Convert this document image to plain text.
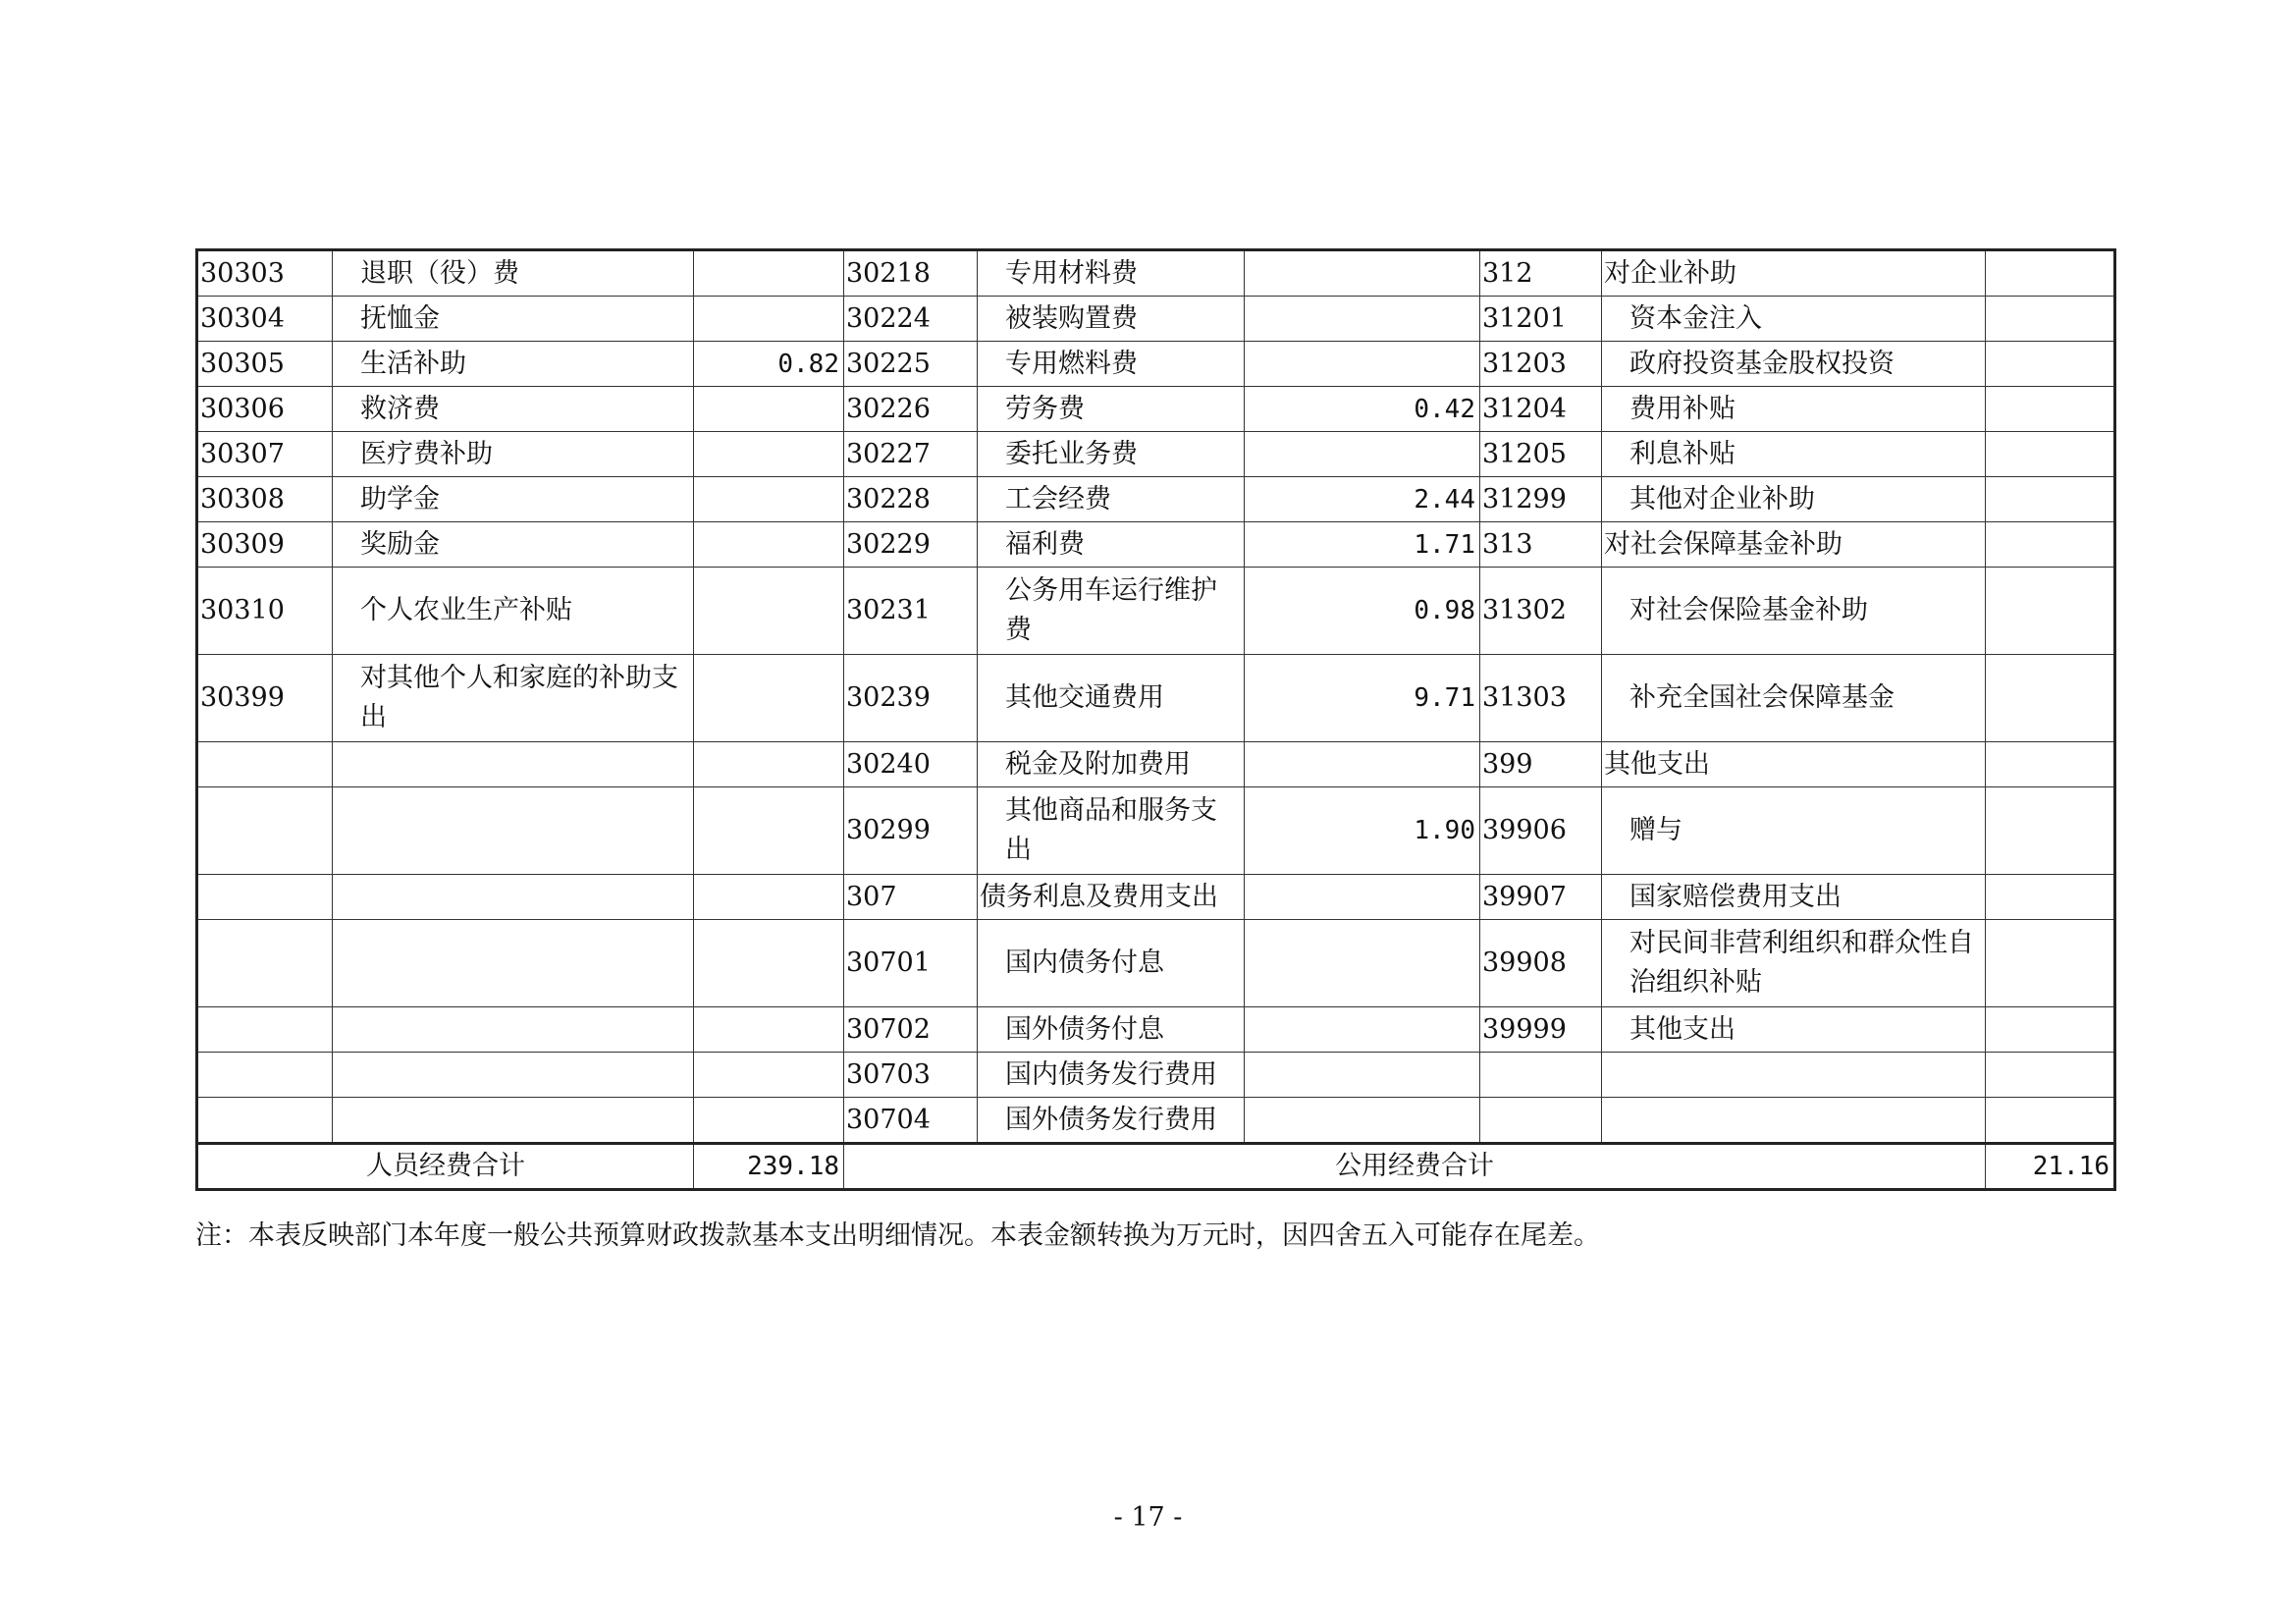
30303	退职（役）费		30218	专用材料费		312	对企业补助	
30304	抚恤金		30224	被装购置费		31201	资本金注入	
30305	生活补助	0.82	30225	专用燃料费		31203	政府投资基金股权投资	
30306	救济费		30226	劳务费	0.42	31204	费用补贴	
30307	医疗费补助		30227	委托业务费		31205	利息补贴	
30308	助学金		30228	工会经费	2.44	31299	其他对企业补助	
30309	奖励金		30229	福利费	1.71	313	对社会保障基金补助	
30310	个人农业生产补贴		30231	公务用车运行维护费	0.98	31302	对社会保险基金补助	
30399	对其他个人和家庭的补助支出		30239	其他交通费用	9.71	31303	补充全国社会保障基金	
			30240	税金及附加费用		399	其他支出	
			30299	其他商品和服务支出	1.90	39906	赠与	
			307	债务利息及费用支出		39907	国家赔偿费用支出	
			30701	国内债务付息		39908	对民间非营利组织和群众性自治组织补贴	
			30702	国外债务付息		39999	其他支出	
			30703	国内债务发行费用				
			30704	国外债务发行费用				
人员经费合计		239.18	公用经费合计					21.16
注：本表反映部门本年度一般公共预算财政拨款基本支出明细情况。本表金额转换为万元时，因四舍五入可能存在尾差。
- 17 -
